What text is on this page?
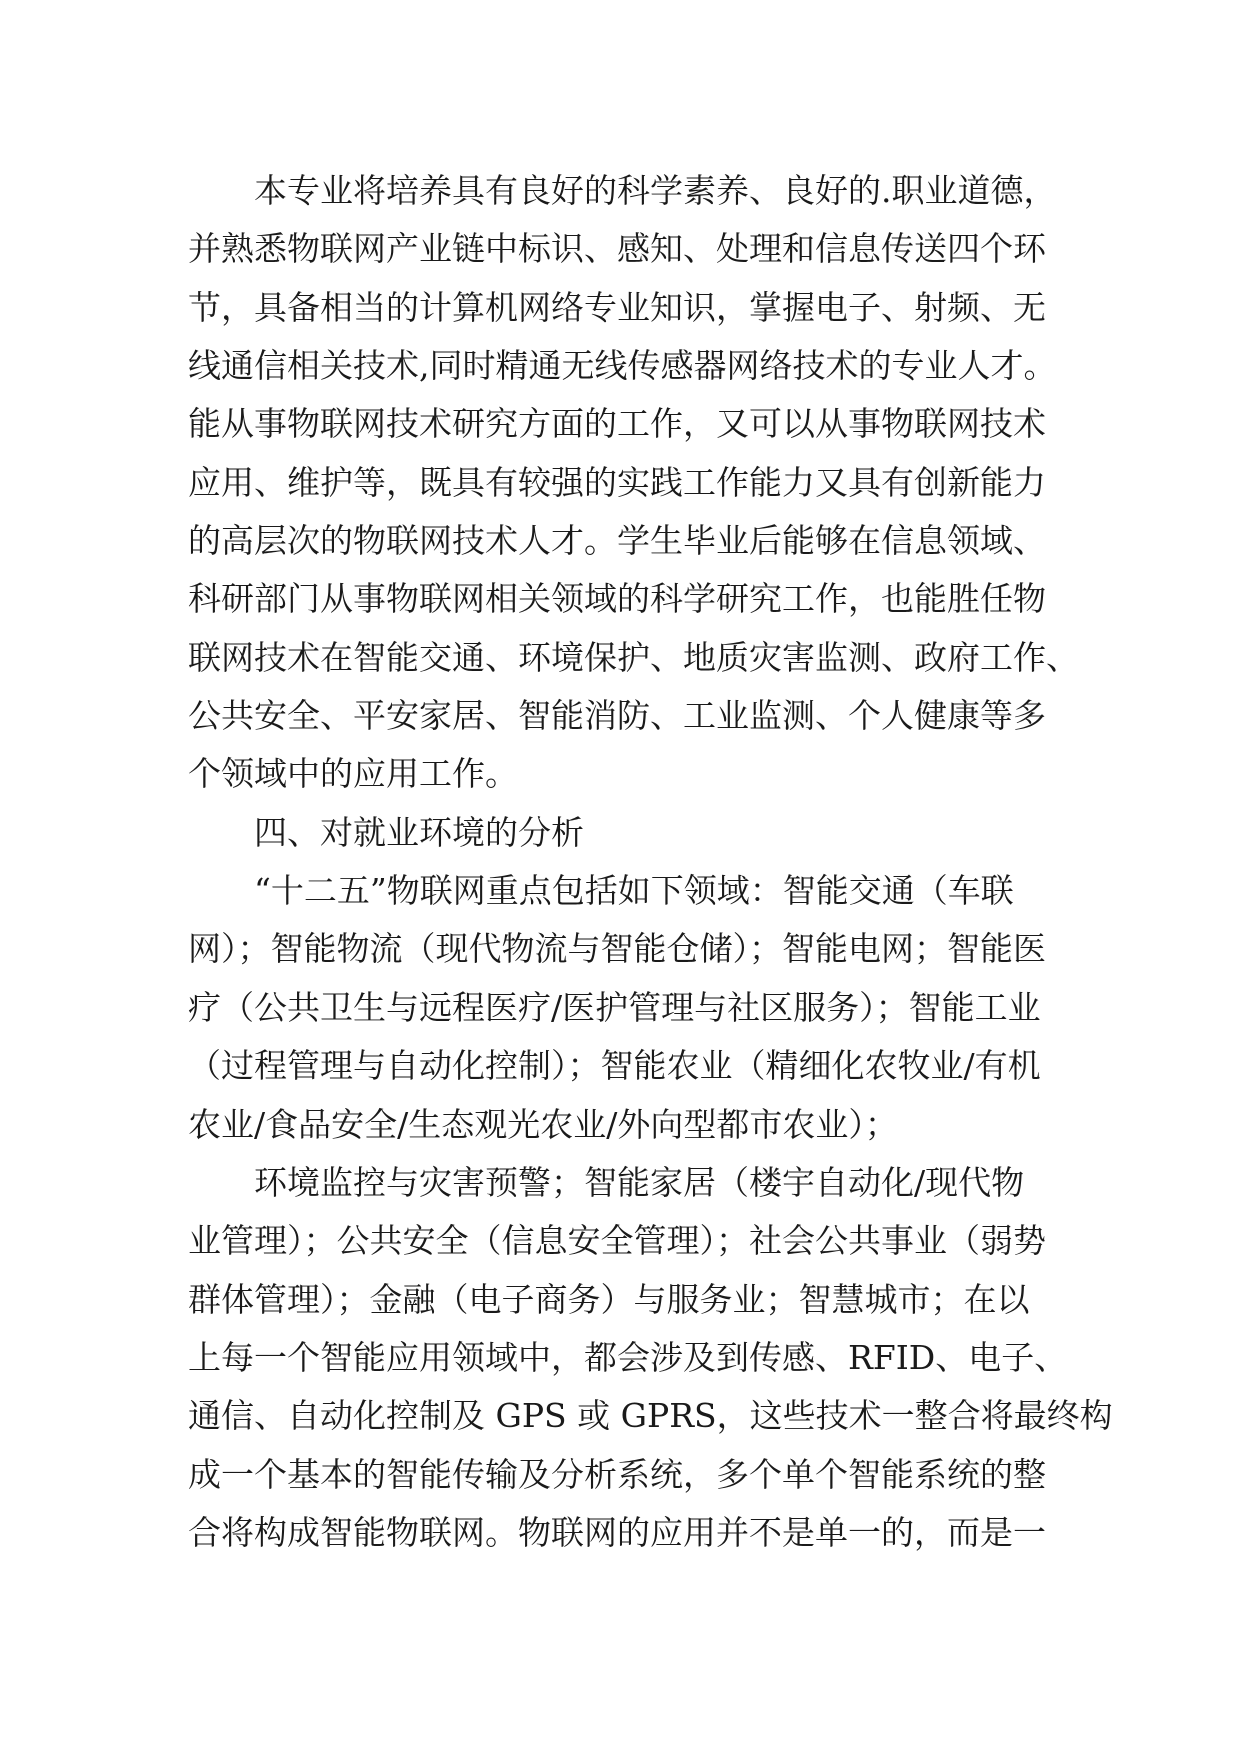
本专业将培养具有良好的科学素养、良好的.职业道德，
并熟悉物联网产业链中标识、感知、处理和信息传送四个环
节，具备相当的计算机网络专业知识，掌握电子、射频、无
线通信相关技术,同时精通无线传感器网络技术的专业人才。
能从事物联网技术研究方面的工作，又可以从事物联网技术
应用、维护等，既具有较强的实践工作能力又具有创新能力
的高层次的物联网技术人才。学生毕业后能够在信息领域、
科研部门从事物联网相关领域的科学研究工作，也能胜任物
联网技术在智能交通、环境保护、地质灾害监测、政府工作、
公共安全、平安家居、智能消防、工业监测、个人健康等多
个领域中的应用工作。
四、对就业环境的分析
“十二五”物联网重点包括如下领域：智能交通（车联
网）；智能物流（现代物流与智能仓储）；智能电网；智能医
疗（公共卫生与远程医疗/医护管理与社区服务）；智能工业
（过程管理与自动化控制）；智能农业（精细化农牧业/有机
农业/食品安全/生态观光农业/外向型都市农业）；
环境监控与灾害预警；智能家居（楼宇自动化/现代物
业管理）；公共安全（信息安全管理）；社会公共事业（弱势
群体管理）；金融（电子商务）与服务业；智慧城市；在以
上每一个智能应用领域中，都会涉及到传感、RFID、电子、
通信、自动化控制及 GPS 或 GPRS，这些技术一整合将最终构
成一个基本的智能传输及分析系统，多个单个智能系统的整
合将构成智能物联网。物联网的应用并不是单一的，而是一
